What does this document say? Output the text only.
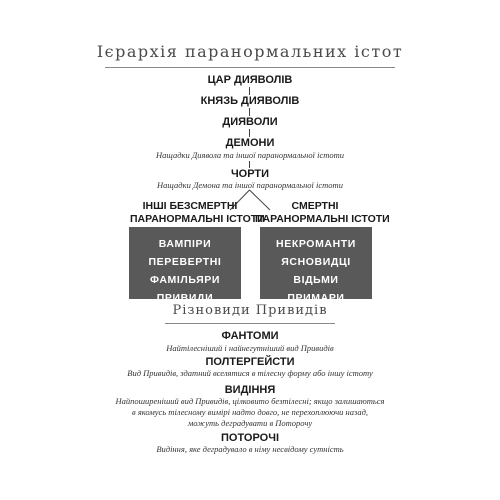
Ієрархія паранормальних істот
ЦАР ДИЯВОЛІВ
КНЯЗЬ ДИЯВОЛІВ
ДИЯВОЛИ
ДЕМОНИ
Нащадки Диявола та іншої паранормальної істоти
ЧОРТИ
Нащадки Демона та іншої паранормальної істоти
ІНШІ БЕЗСМЕРТНІ
ПАРАНОРМАЛЬНІ ІСТОТИ
СМЕРТНІ
ПАРАНОРМАЛЬНІ ІСТОТИ
ВАМПІРИ
ПЕРЕВЕРТНІ
ФАМІЛЬЯРИ
ПРИВИДИ
НЕКРОМАНТИ
ЯСНОВИДЦІ
ВІДЬМИ
ПРИМАРИ
Різновиди Привидів
ФАНТОМИ
Найтілесніший і найнегутніший вид Привидів
ПОЛТЕРГЕЙСТИ
Вид Привидів, здатний вселятися в тілесну форму або іншу істоту
ВИДІННЯ
Найпоширеніший вид Привидів, цілковито безтілесні; якщо залишаються
в якомусь тілесному вимірі надто довго, не перехоплюючи назад,
можуть деградувати в Поторочу
ПОТОРОЧІ
Видіння, яке деградувало в німу несвідому сутність
